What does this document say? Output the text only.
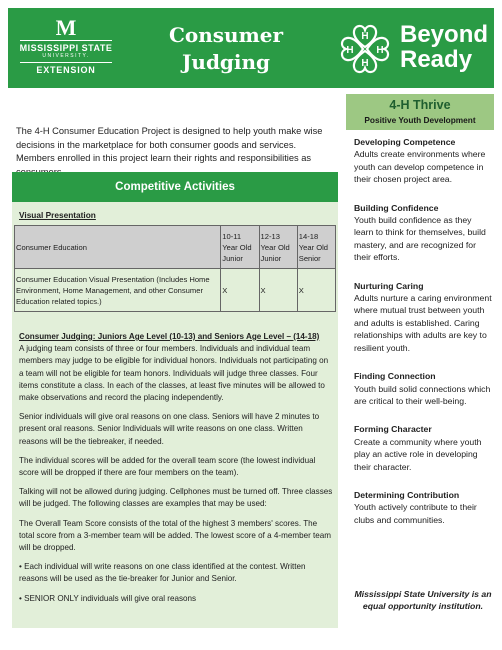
M
MISSISSIPPI STATE
UNIVERSITY.
EXTENSION
Consumer Judging
H
H
H H
Beyond Ready
The 4-H Consumer Education Project is designed to help youth make wise decisions in the marketplace for both consumer goods and services. Members enrolled in this project learn their rights and responsibilities as
Competitive Activities
Visual Presentation
Consumer Education	10-11 Year Old Junior	12-13 Year Old Junior	14-18 Year Old Senior
Consumer Education Visual Presentation (Includes Home Environment, Home Management, and other Consumer Education related topics.)	X	X	X

Consumer Judging: Juniors Age Level (10-13) and Seniors Age Level – (14-18)
A judging team consists of three or four members. Individuals and individual team members may judge to be eligible for individual honors. Individuals not participating on a team will not be eligible for team honors. Individuals will judge three classes. Four items constitute a class. In each of the classes, at least five minutes will be allowed to make observations and record the placing independently.

Senior individuals will give oral reasons on one class. Seniors will have 2 minutes to present oral reasons. Senior Individuals will write reasons on one class. Written reasons will be the tiebreaker, if needed.

The individual scores will be added for the overall team score (the lowest individual score will be dropped if there are four members on the team).

Talking will not be allowed during judging. Cellphones must be turned off. Three classes will be judged. The following classes are examples that may be used:

The Overall Team Score consists of the total of the highest 3 members' scores. The total score from a 3-member team will be added. The lowest score of a 4-member team will be dropped.

• Each individual will write reasons on one class identified at the contest. Written reasons will be used as the tie-breaker for Junior and Senior.

• SENIOR ONLY individuals will give oral reasons

4-H Thrive
Positive Youth Development
Developing Competence
Adults create environments where youth can develop competence in their chosen project area.
Building Confidence
Youth build confidence as they learn to think for themselves, build mastery, and are recognized for their efforts.
Nurturing Caring
Adults nurture a caring environment where mutual trust between youth and adults is established. Caring relationships with adults are key to resilient youth.
Finding Connection
Youth build solid connections which are critical to their well-being.
Forming Character
Create a community where youth play an active role in developing their character.
Determining Contribution
Youth actively contribute to their clubs and communities.
Mississippi State University is an equal opportunity institution.
